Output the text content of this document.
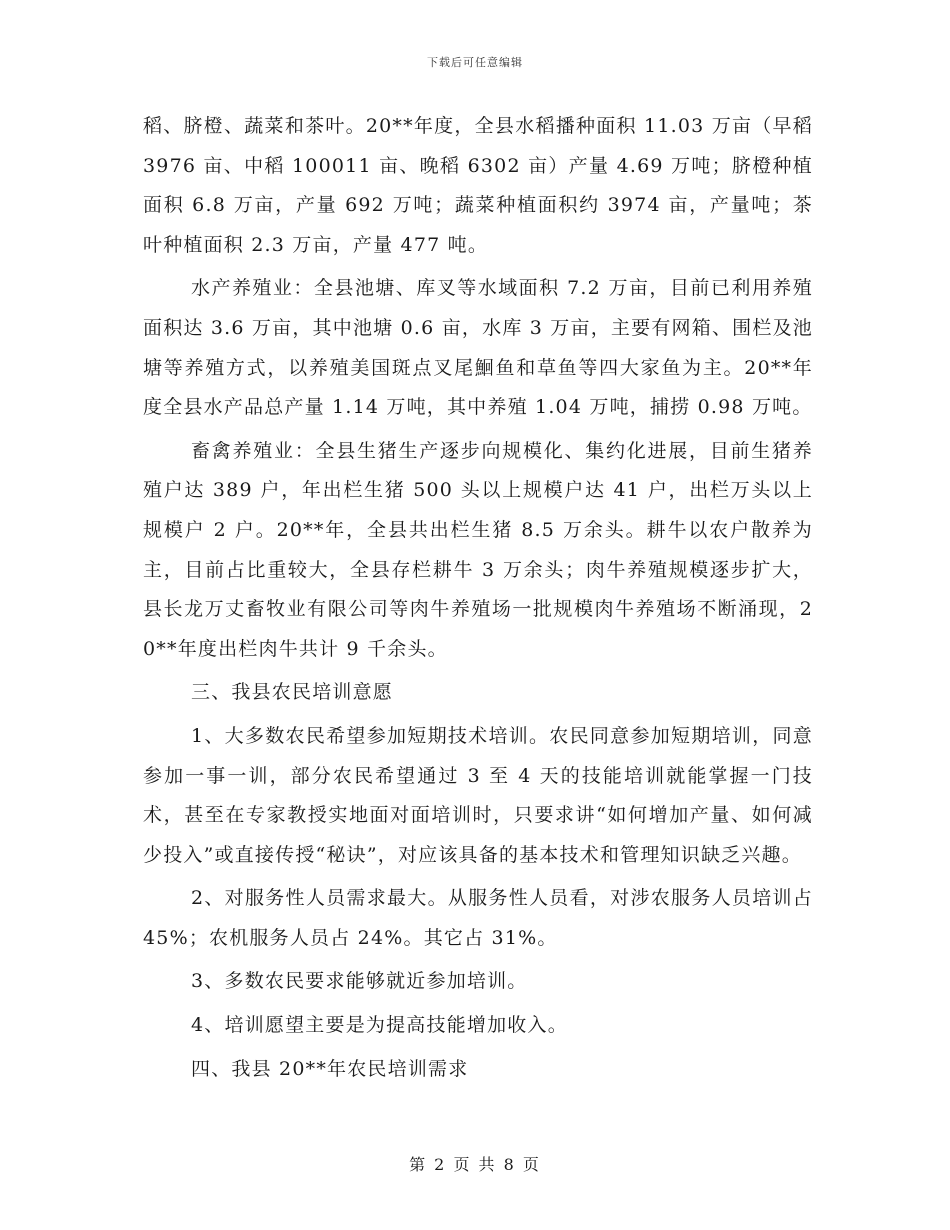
下载后可任意编辑

稻、脐橙、蔬菜和茶叶。20**年度，全县水稻播种面积 11.03 万亩（早稻 3976 亩、中稻 100011 亩、晚稻 6302 亩）产量 4.69 万吨；脐橙种植面积 6.8 万亩，产量 692 万吨；蔬菜种植面积约 3974 亩，产量吨；茶叶种植面积 2.3 万亩，产量 477 吨。

水产养殖业：全县池塘、库叉等水域面积 7.2 万亩，目前已利用养殖面积达 3.6 万亩，其中池塘 0.6 亩，水库 3 万亩，主要有网箱、围栏及池塘等养殖方式，以养殖美国斑点叉尾鮰鱼和草鱼等四大家鱼为主。20**年度全县水产品总产量 1.14 万吨，其中养殖 1.04 万吨，捕捞 0.98 万吨。

畜禽养殖业：全县生猪生产逐步向规模化、集约化进展，目前生猪养殖户达 389 户，年出栏生猪 500 头以上规模户达 41 户，出栏万头以上规模户 2 户。20**年，全县共出栏生猪 8.5 万余头。耕牛以农户散养为主，目前占比重较大，全县存栏耕牛 3 万余头；肉牛养殖规模逐步扩大，县长龙万丈畜牧业有限公司等肉牛养殖场一批规模肉牛养殖场不断涌现，20**年度出栏肉牛共计 9 千余头。

三、我县农民培训意愿

1、大多数农民希望参加短期技术培训。农民同意参加短期培训，同意参加一事一训，部分农民希望通过 3 至 4 天的技能培训就能掌握一门技术，甚至在专家教授实地面对面培训时，只要求讲“如何增加产量、如何减少投入”或直接传授“秘诀”，对应该具备的基本技术和管理知识缺乏兴趣。

2、对服务性人员需求最大。从服务性人员看，对涉农服务人员培训占 45%；农机服务人员占 24%。其它占 31%。

3、多数农民要求能够就近参加培训。

4、培训愿望主要是为提高技能增加收入。

四、我县 20**年农民培训需求

第 2 页 共 8 页
